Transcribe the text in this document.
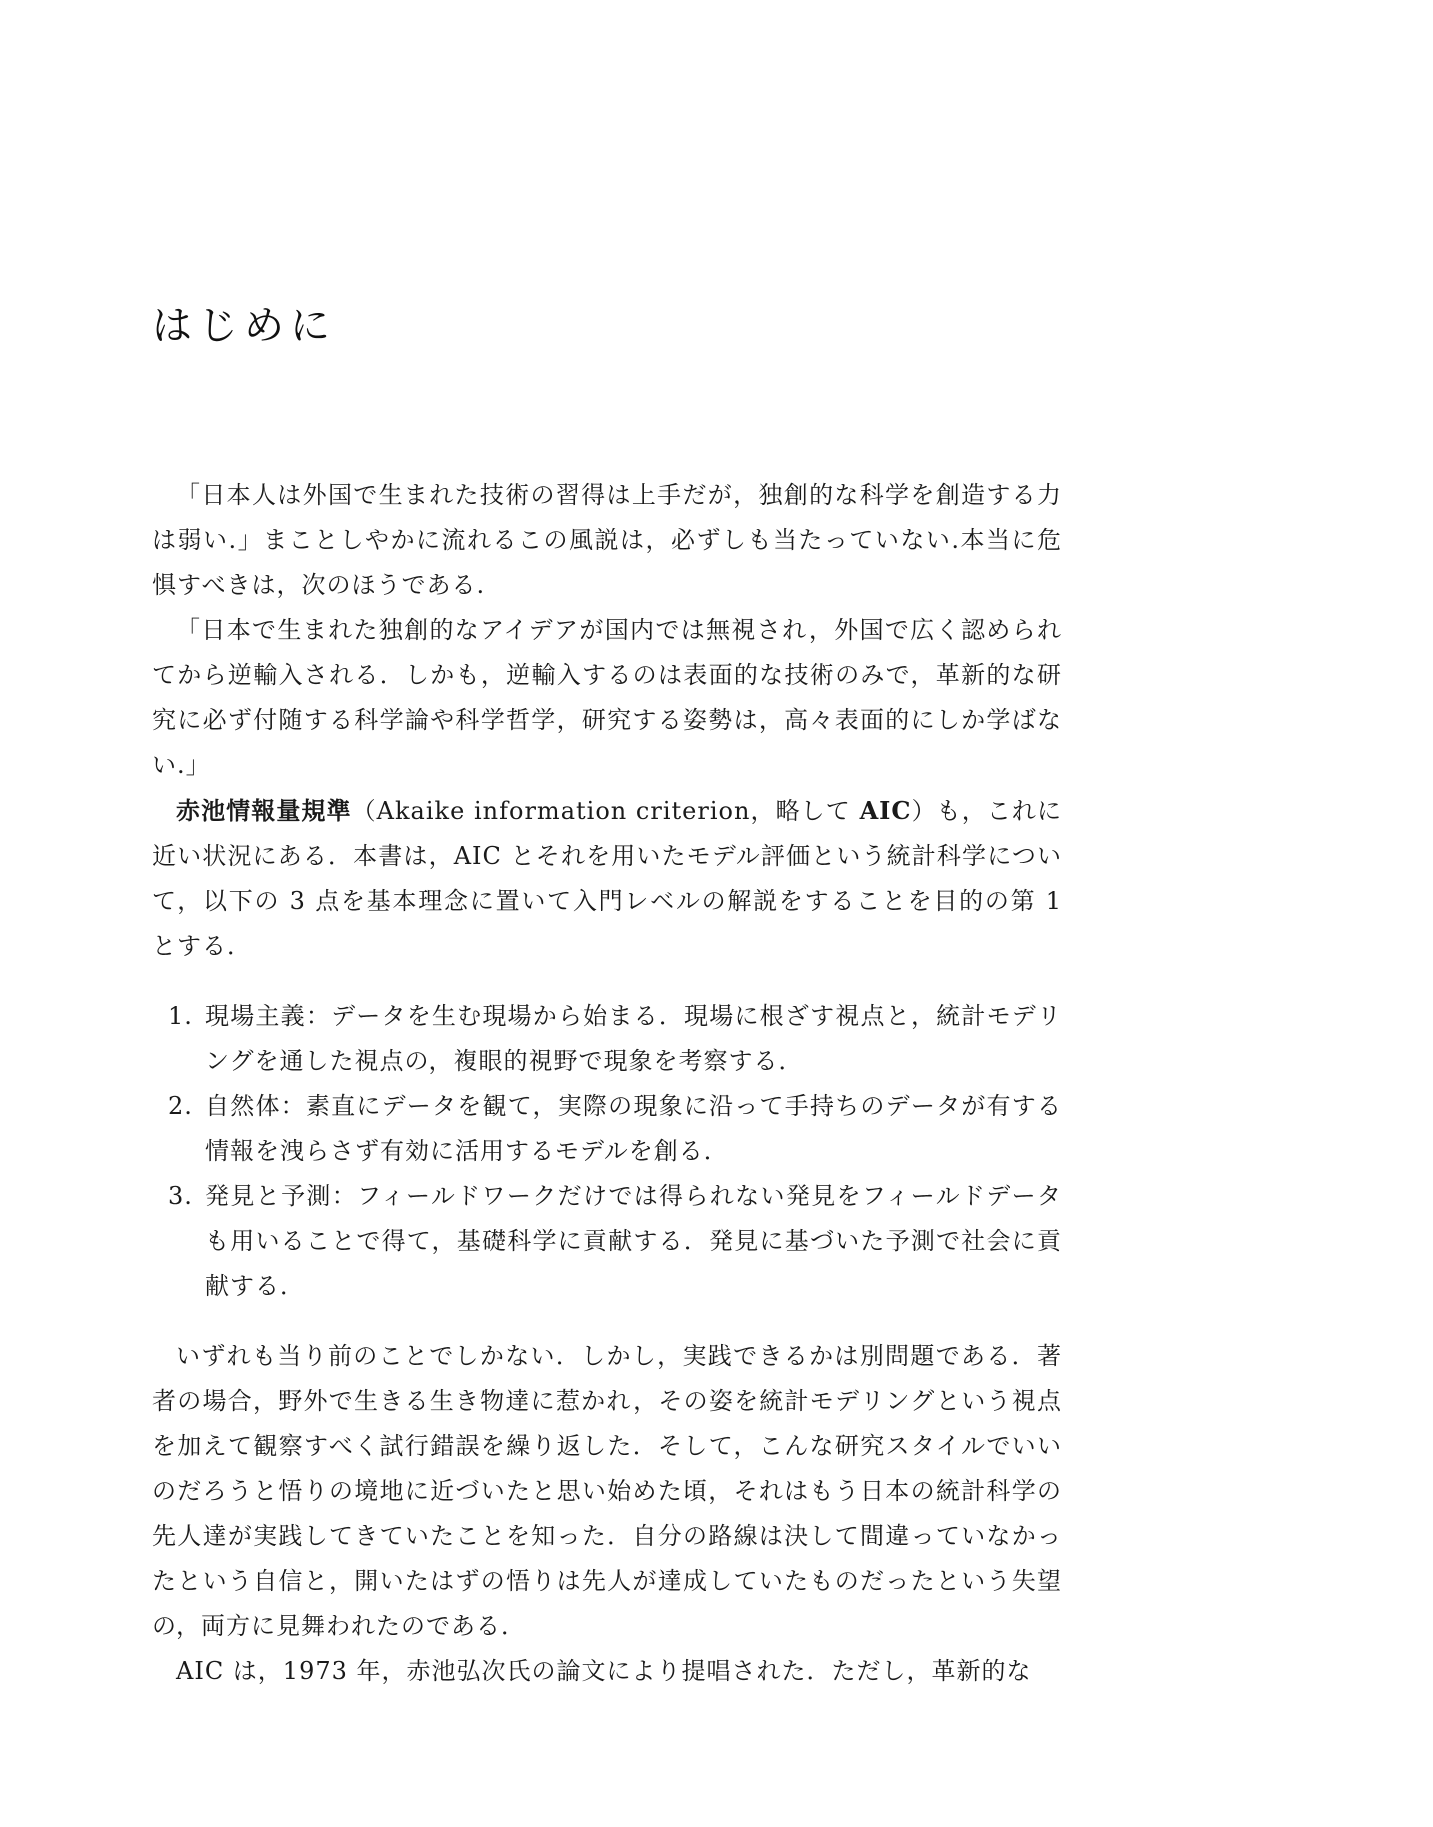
はじめに

「日本人は外国で生まれた技術の習得は上手だが，独創的な科学を創造する力は弱い.」まことしやかに流れるこの風説は，必ずしも当たっていない.本当に危惧すべきは，次のほうである.

「日本で生まれた独創的なアイデアが国内では無視され，外国で広く認められてから逆輸入される．しかも，逆輸入するのは表面的な技術のみで，革新的な研究に必ず付随する科学論や科学哲学，研究する姿勢は，高々表面的にしか学ばない.」

赤池情報量規準（Akaike information criterion，略して AIC）も，これに近い状況にある．本書は，AIC とそれを用いたモデル評価という統計科学について，以下の 3 点を基本理念に置いて入門レベルの解説をすることを目的の第 1 とする．

1. 現場主義：データを生む現場から始まる．現場に根ざす視点と，統計モデリングを通した視点の，複眼的視野で現象を考察する．
2. 自然体：素直にデータを観て，実際の現象に沿って手持ちのデータが有する情報を洩らさず有効に活用するモデルを創る．
3. 発見と予測：フィールドワークだけでは得られない発見をフィールドデータも用いることで得て，基礎科学に貢献する．発見に基づいた予測で社会に貢献する．

いずれも当り前のことでしかない．しかし，実践できるかは別問題である．著者の場合，野外で生きる生き物達に惹かれ，その姿を統計モデリングという視点を加えて観察すべく試行錯誤を繰り返した．そして，こんな研究スタイルでいいのだろうと悟りの境地に近づいたと思い始めた頃，それはもう日本の統計科学の先人達が実践してきていたことを知った．自分の路線は決して間違っていなかったという自信と，開いたはずの悟りは先人が達成していたものだったという失望の，両方に見舞われたのである．

AIC は，1973 年，赤池弘次氏の論文により提唱された．ただし，革新的な
